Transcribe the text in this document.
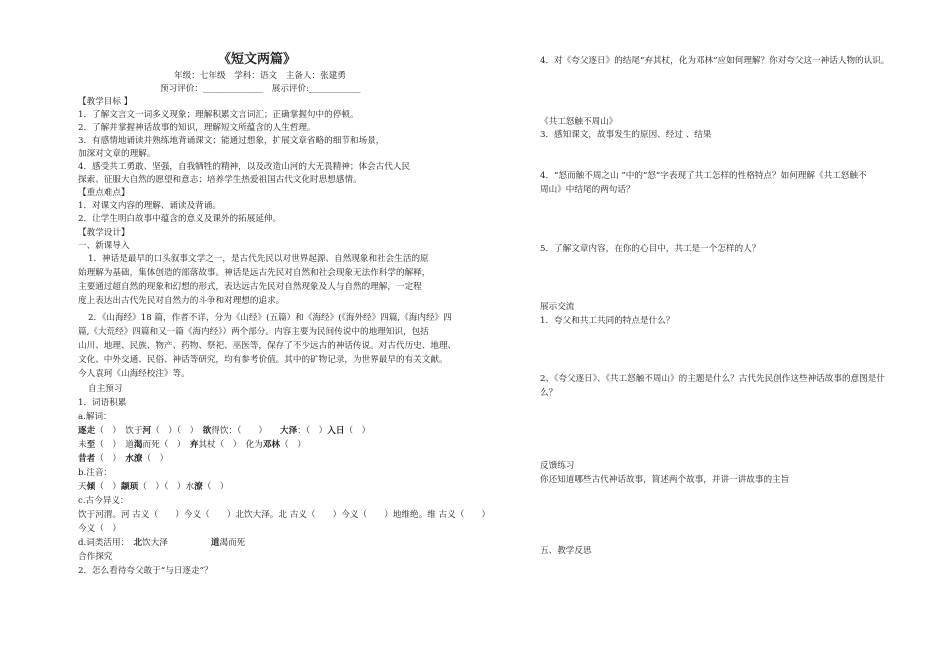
《短文两篇》
年级：七年级　学科：语文　主备人：张建勇
预习评价：______________　展示评价:____________
【教学目标 】
1．了解文言文一词多义现象；理解积累文言词汇；正确掌握句中的停顿。
2．了解并掌握神话故事的知识，理解短文所蕴含的人生哲理。
3．有感情地诵读并熟练地背诵课文；能通过想象，扩展文章省略的细节和场景，
加深对文章的理解。
4．感受共工勇敢、坚强，自我牺牲的精神，以及改造山河的大无畏精神；体会古代人民
探索、征服大自然的愿望和意志；培养学生热爱祖国古代文化时思想感情。
【重点难点】
1．对课文内容的理解、诵读及背诵。
2．让学生明白故事中蕴含的意义及课外的拓展延伸。
【教学设计】
一、新课导入
1．神话是最早的口头叙事文学之一，是古代先民以对世界起源、自然现象和社会生活的原
始理解为基础，集体创造的部落故事。神话是远古先民对自然和社会现象无法作科学的解释，
主要通过超自然的现象和幻想的形式，表达远古先民对自然现象及人与自然的理解，一定程
度上表达出古代先民对自然力的斗争和对理想的追求。
2．《山海经》18 篇，作者不详，分为《山经》(五篇）和《海经》(《海外经》四篇,《海内经》四
篇,《大荒经》四篇和又一篇《海内经》）两个部分。内容主要为民间传说中的地理知识，包括
山川、地理、民族、物产、药物、祭祀、巫医等，保存了不少远古的神话传说。对古代历史、地理、
文化、中外交通、民俗、神话等研究，均有参考价值。其中的矿物记录，为世界最早的有关文献。
今人袁珂《山海经校注》等。
自主预习
1．词语积累
a.解词：
逐走（　）　饮于河（　）（　）　欲得饮：（　　）　　大泽：（　）入日（　）
未至（　）　道渴而死（　）　弃其杖（　）　化为邓林（　）
昔者（　）　水潦（　）
b.注音：
天倾（　）颛顼（　）（　）水潦（　）
c.古今异义：
饮于河渭。河 古义（　　）今义（　　）北饮大泽。北 古义（　　）今义（　　）地维绝。维 古义（　　）
今义（　）
d.词类活用：　北饮大泽　　　　　道渴而死
合作探究
2．怎么看待夸父敢于“与日逐走”？
4．对《夸父逐日》的结尾“弃其杖，化为邓林”应如何理解？你对夸父这一神话人物的认识。
《共工怒触不周山》
3．感知课文，故事发生的原因、经过 、结果
4．“怒而触不周之山 ”中的“怒”字表现了共工怎样的性格特点？如何理解《共工怒触不
周山》中结尾的两句话？
5．了解文章内容，在你的心目中，共工是一个怎样的人？
展示交流
1．夸父和共工共同的特点是什么？
2、《夸父逐日》、《共工怒触不周山》的主题是什么？古代先民创作这些神话故事的意图是什
么？
反馈练习
你还知道哪些古代神话故事，简述两个故事，并讲一讲故事的主旨
五、教学反思
